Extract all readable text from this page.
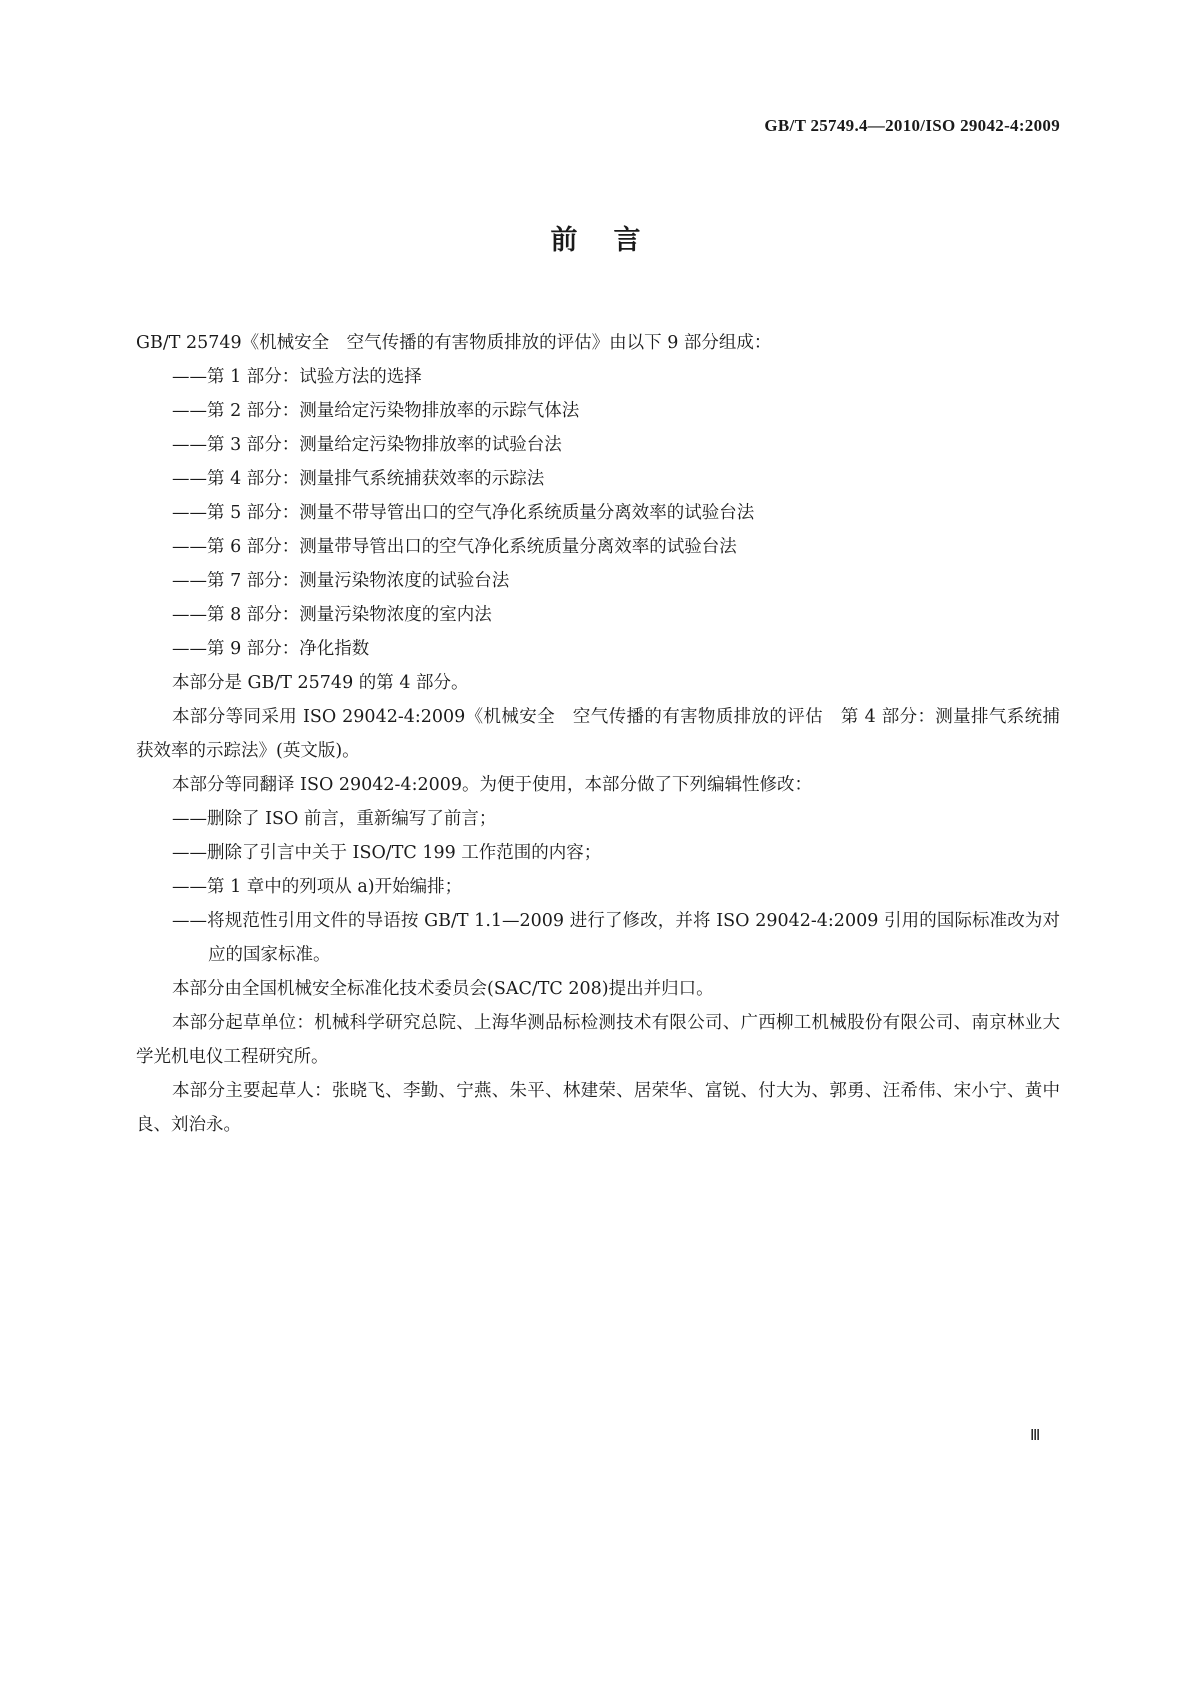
GB/T 25749.4—2010/ISO 29042-4:2009
前言

GB/T 25749《机械安全　空气传播的有害物质排放的评估》由以下 9 部分组成：

——第 1 部分：试验方法的选择

——第 2 部分：测量给定污染物排放率的示踪气体法

——第 3 部分：测量给定污染物排放率的试验台法

——第 4 部分：测量排气系统捕获效率的示踪法

——第 5 部分：测量不带导管出口的空气净化系统质量分离效率的试验台法

——第 6 部分：测量带导管出口的空气净化系统质量分离效率的试验台法

——第 7 部分：测量污染物浓度的试验台法

——第 8 部分：测量污染物浓度的室内法

——第 9 部分：净化指数

本部分是 GB/T 25749 的第 4 部分。

本部分等同采用 ISO 29042-4:2009《机械安全　空气传播的有害物质排放的评估　第 4 部分：测量排气系统捕获效率的示踪法》(英文版)。

本部分等同翻译 ISO 29042-4:2009。为便于使用，本部分做了下列编辑性修改：

——删除了 ISO 前言，重新编写了前言；

——删除了引言中关于 ISO/TC 199 工作范围的内容；

——第 1 章中的列项从 a)开始编排；

——将规范性引用文件的导语按 GB/T 1.1—2009 进行了修改，并将 ISO 29042-4:2009 引用的国际标准改为对应的国家标准。

本部分由全国机械安全标准化技术委员会(SAC/TC 208)提出并归口。

本部分起草单位：机械科学研究总院、上海华测品标检测技术有限公司、广西柳工机械股份有限公司、南京林业大学光机电仪工程研究所。

本部分主要起草人：张晓飞、李勤、宁燕、朱平、林建荣、居荣华、富锐、付大为、郭勇、汪希伟、宋小宁、黄中良、刘治永。

Ⅲ
